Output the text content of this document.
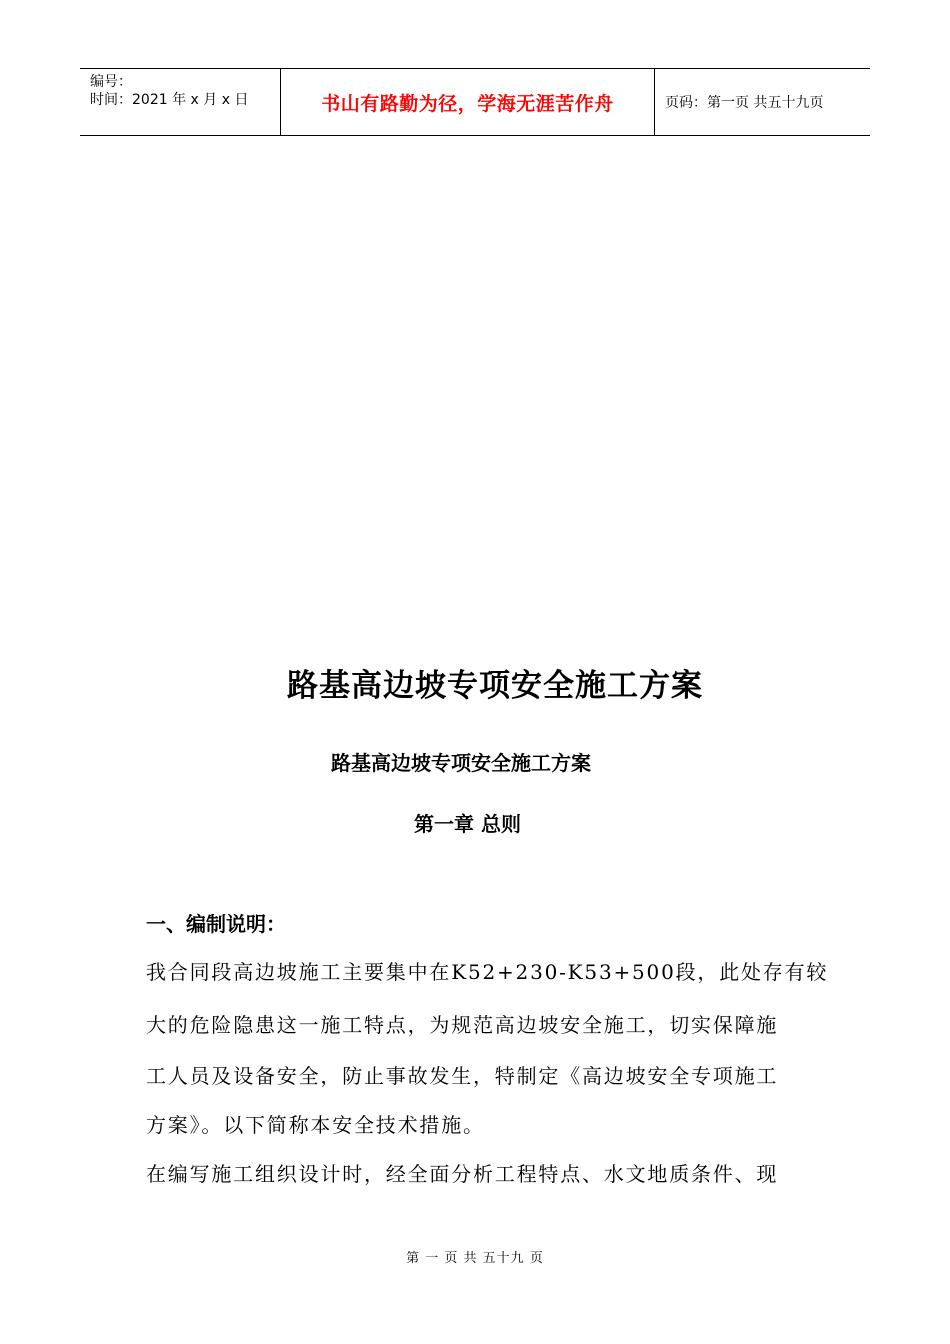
编号：
时间：2021 年 x 月 x 日	书山有路勤为径，学海无涯苦作舟	页码：第一页 共五十九页
路基高边坡专项安全施工方案
路基高边坡专项安全施工方案
第一章 总则
一、编制说明：
我合同段高边坡施工主要集中在K52+230-K53+500段，此处存有较
大的危险隐患这一施工特点，为规范高边坡安全施工，切实保障施
工人员及设备安全，防止事故发生，特制定《高边坡安全专项施工
方案》。以下简称本安全技术措施。
在编写施工组织设计时，经全面分析工程特点、水文地质条件、现
第 一 页 共 五十九 页
